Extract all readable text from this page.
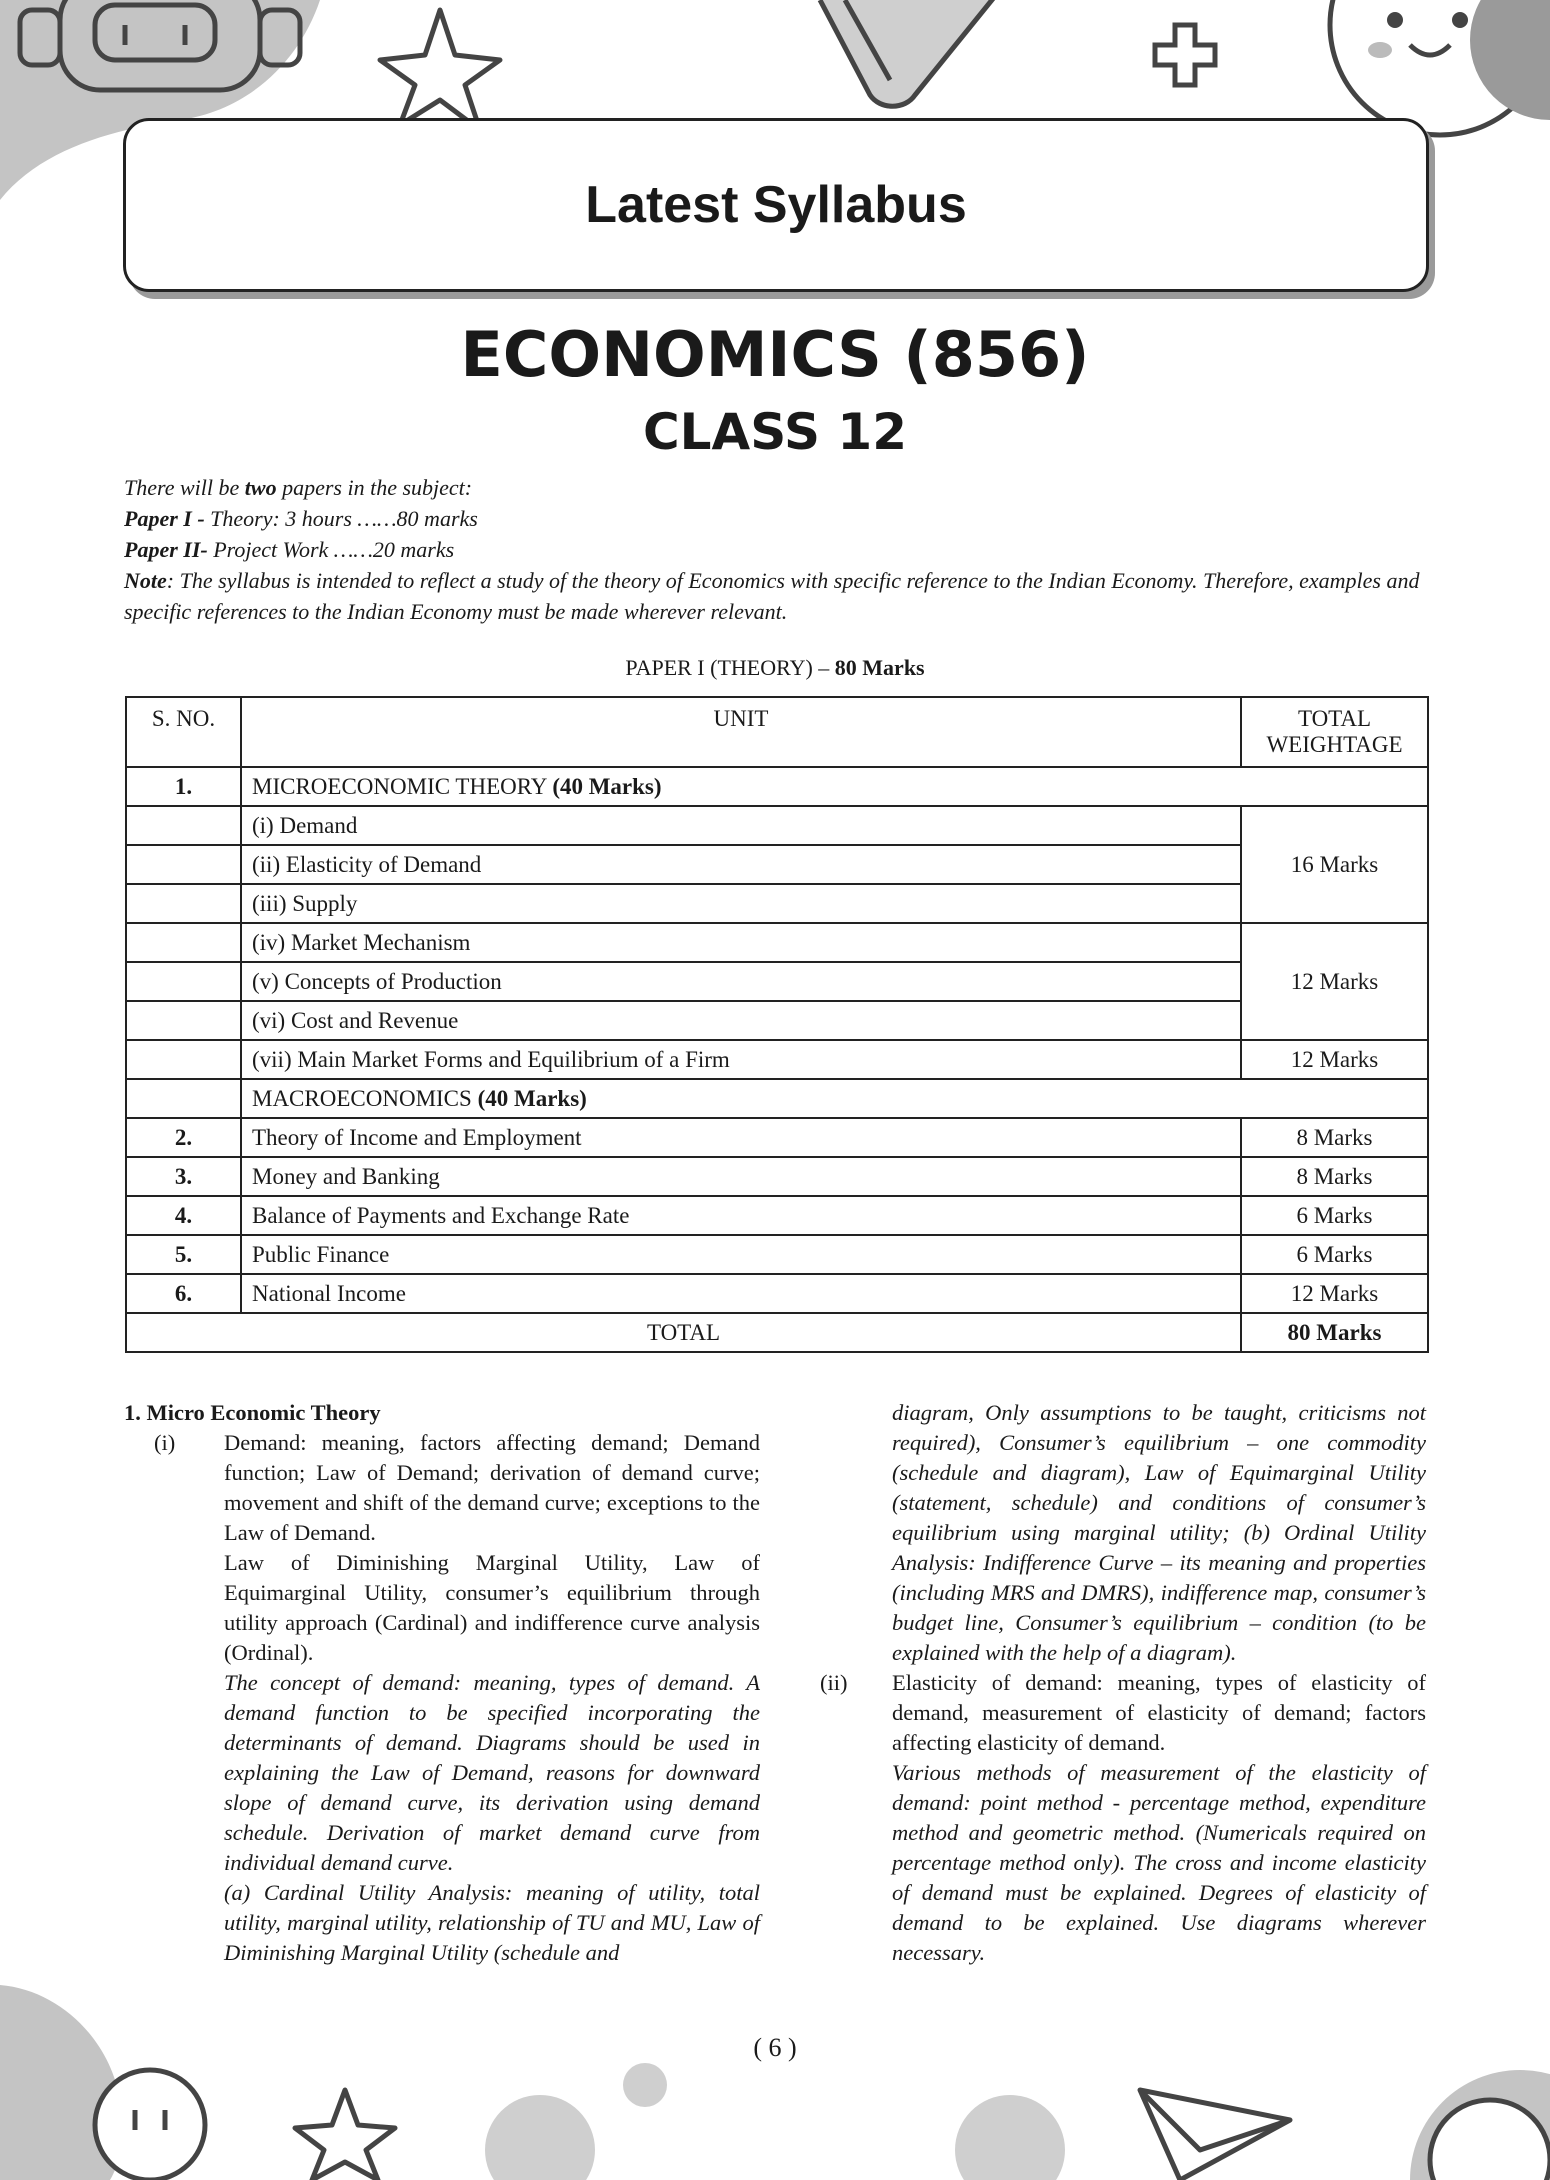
Latest Syllabus
ECONOMICS (856)
CLASS 12

There will be two papers in the subject:

Paper I - Theory: 3 hours ……80 marks

Paper II- Project Work ……20 marks

Note: The syllabus is intended to reflect a study of the theory of Economics with specific reference to the Indian Economy. Therefore, examples and specific references to the Indian Economy must be made wherever relevant.

PAPER I (THEORY) – 80 Marks
S. NO.	UNIT	TOTAL WEIGHTAGE
1.	MICROECONOMIC THEORY (40 Marks)	
	(i) Demand	16 Marks
	(ii) Elasticity of Demand	
	(iii) Supply	
	(iv) Market Mechanism	12 Marks
	(v) Concepts of Production	
	(vi) Cost and Revenue	
	(vii) Main Market Forms and Equilibrium of a Firm	12 Marks
	MACROECONOMICS (40 Marks)	
2.	Theory of Income and Employment	8 Marks
3.	Money and Banking	8 Marks
4.	Balance of Payments and Exchange Rate	6 Marks
5.	Public Finance	6 Marks
6.	National Income	12 Marks
TOTAL		80 Marks

1. Micro Economic Theory

(i) Demand: meaning, factors affecting demand; Demand function; Law of Demand; derivation of demand curve; movement and shift of the demand curve; exceptions to the Law of Demand.

Law of Diminishing Marginal Utility, Law of Equimarginal Utility, consumer’s equilibrium through utility approach (Cardinal) and indifference curve analysis (Ordinal).

The concept of demand: meaning, types of demand. A demand function to be specified incorporating the determinants of demand. Diagrams should be used in explaining the Law of Demand, reasons for downward slope of demand curve, its derivation using demand schedule. Derivation of market demand curve from individual demand curve.

(a) Cardinal Utility Analysis: meaning of utility, total utility, marginal utility, relationship of TU and MU, Law of Diminishing Marginal Utility (schedule and

diagram, Only assumptions to be taught, criticisms not required), Consumer’s equilibrium – one commodity (schedule and diagram), Law of Equimarginal Utility (statement, schedule) and conditions of consumer’s equilibrium using marginal utility; (b) Ordinal Utility Analysis: Indifference Curve – its meaning and properties (including MRS and DMRS), indifference map, consumer’s budget line, Consumer’s equilibrium – condition (to be explained with the help of a diagram).

(ii) Elasticity of demand: meaning, types of elasticity of demand, measurement of elasticity of demand; factors affecting elasticity of demand.

Various methods of measurement of the elasticity of demand: point method - percentage method, expenditure method and geometric method. (Numericals required on percentage method only). The cross and income elasticity of demand must be explained. Degrees of elasticity of demand to be explained. Use diagrams wherever necessary.

( 6 )
